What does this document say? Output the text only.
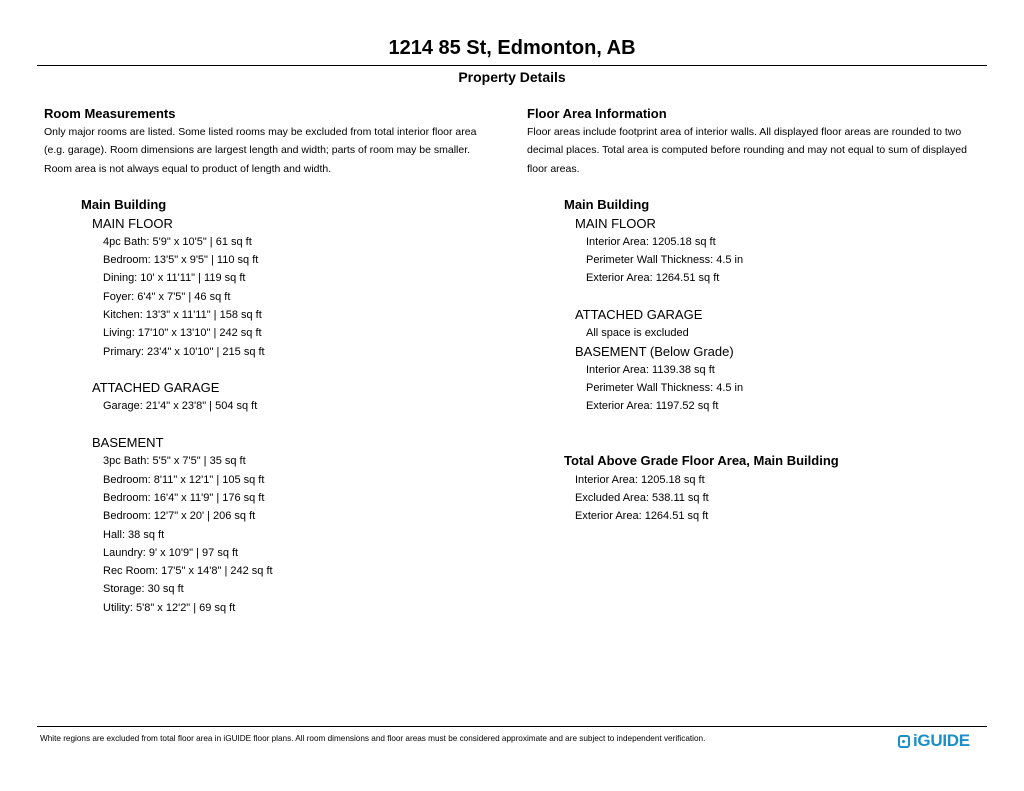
1214 85 St, Edmonton, AB
Property Details

Room Measurements

Only major rooms are listed. Some listed rooms may be excluded from total interior floor area
(e.g. garage). Room dimensions are largest length and width; parts of room may be smaller.
Room area is not always equal to product of length and width.

Main Building
MAIN FLOOR
4pc Bath: 5'9" x 10'5" | 61 sq ft
Bedroom: 13'5" x 9'5" | 110 sq ft
Dining: 10' x 11'11" | 119 sq ft
Foyer: 6'4" x 7'5" | 46 sq ft
Kitchen: 13'3" x 11'11" | 158 sq ft
Living: 17'10" x 13'10" | 242 sq ft
Primary: 23'4" x 10'10" | 215 sq ft
ATTACHED GARAGE
Garage: 21'4" x 23'8" | 504 sq ft
BASEMENT
3pc Bath: 5'5" x 7'5" | 35 sq ft
Bedroom: 8'11" x 12'1" | 105 sq ft
Bedroom: 16'4" x 11'9" | 176 sq ft
Bedroom: 12'7" x 20' | 206 sq ft
Hall: 38 sq ft
Laundry: 9' x 10'9" | 97 sq ft
Rec Room: 17'5" x 14'8" | 242 sq ft
Storage: 30 sq ft
Utility: 5'8" x 12'2" | 69 sq ft

Floor Area Information

Floor areas include footprint area of interior walls. All displayed floor areas are rounded to two
decimal places. Total area is computed before rounding and may not equal to sum of displayed
floor areas.

Main Building
MAIN FLOOR
Interior Area: 1205.18 sq ft
Perimeter Wall Thickness: 4.5 in
Exterior Area: 1264.51 sq ft
ATTACHED GARAGE
All space is excluded
BASEMENT (Below Grade)
Interior Area: 1139.38 sq ft
Perimeter Wall Thickness: 4.5 in
Exterior Area: 1197.52 sq ft
Total Above Grade Floor Area, Main Building
Interior Area: 1205.18 sq ft
Excluded Area: 538.11 sq ft
Exterior Area: 1264.51 sq ft
White regions are excluded from total floor area in iGUIDE floor plans. All room dimensions and floor areas must be considered approximate and are subject to independent verification.	iGUIDE
